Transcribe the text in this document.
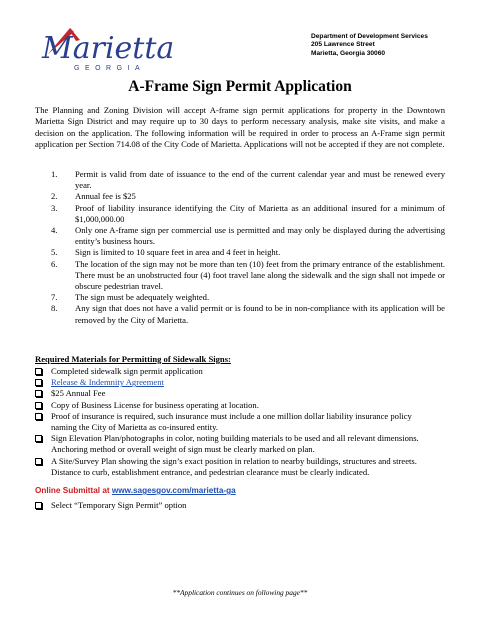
Marietta
GEORGIA
Department of Development Services
205 Lawrence Street
Marietta, Georgia 30060
A-Frame Sign Permit Application

The Planning and Zoning Division will accept A-frame sign permit applications for property in the Downtown Marietta Sign District and may require up to 30 days to perform necessary analysis, make site visits, and make a decision on the application. The following information will be required in order to process an A-Frame sign permit application per Section 714.08 of the City Code of Marietta. Applications will not be accepted if they are not complete.

1. Permit is valid from date of issuance to the end of the current calendar year and must be renewed every year.
2. Annual fee is $25
3. Proof of liability insurance identifying the City of Marietta as an additional insured for a minimum of $1,000,000.00
4. Only one A-frame sign per commercial use is permitted and may only be displayed during the advertising entity’s business hours.
5. Sign is limited to 10 square feet in area and 4 feet in height.
6. The location of the sign may not be more than ten (10) feet from the primary entrance of the establishment. There must be an unobstructed four (4) foot travel lane along the sidewalk and the sign shall not impede or obscure pedestrian travel.
7. The sign must be adequately weighted.
8. Any sign that does not have a valid permit or is found to be in non-compliance with its application will be removed by the City of Marietta.
Required Materials for Permitting of Sidewalk Signs:
Completed sidewalk sign permit application
Release & Indemnity Agreement
$25 Annual Fee
Copy of Business License for business operating at location.
Proof of insurance is required, such insurance must include a one million dollar liability insurance policy naming the City of Marietta as co-insured entity.
Sign Elevation Plan/photographs in color, noting building materials to be used and all relevant dimensions. Anchoring method or overall weight of sign must be clearly marked on plan.
A Site/Survey Plan showing the sign’s exact position in relation to nearby buildings, structures and streets. Distance to curb, establishment entrance, and pedestrian clearance must be clearly indicated.
Online Submittal at www.sagesgov.com/marietta-ga
Select “Temporary Sign Permit” option
**Application continues on following page**
